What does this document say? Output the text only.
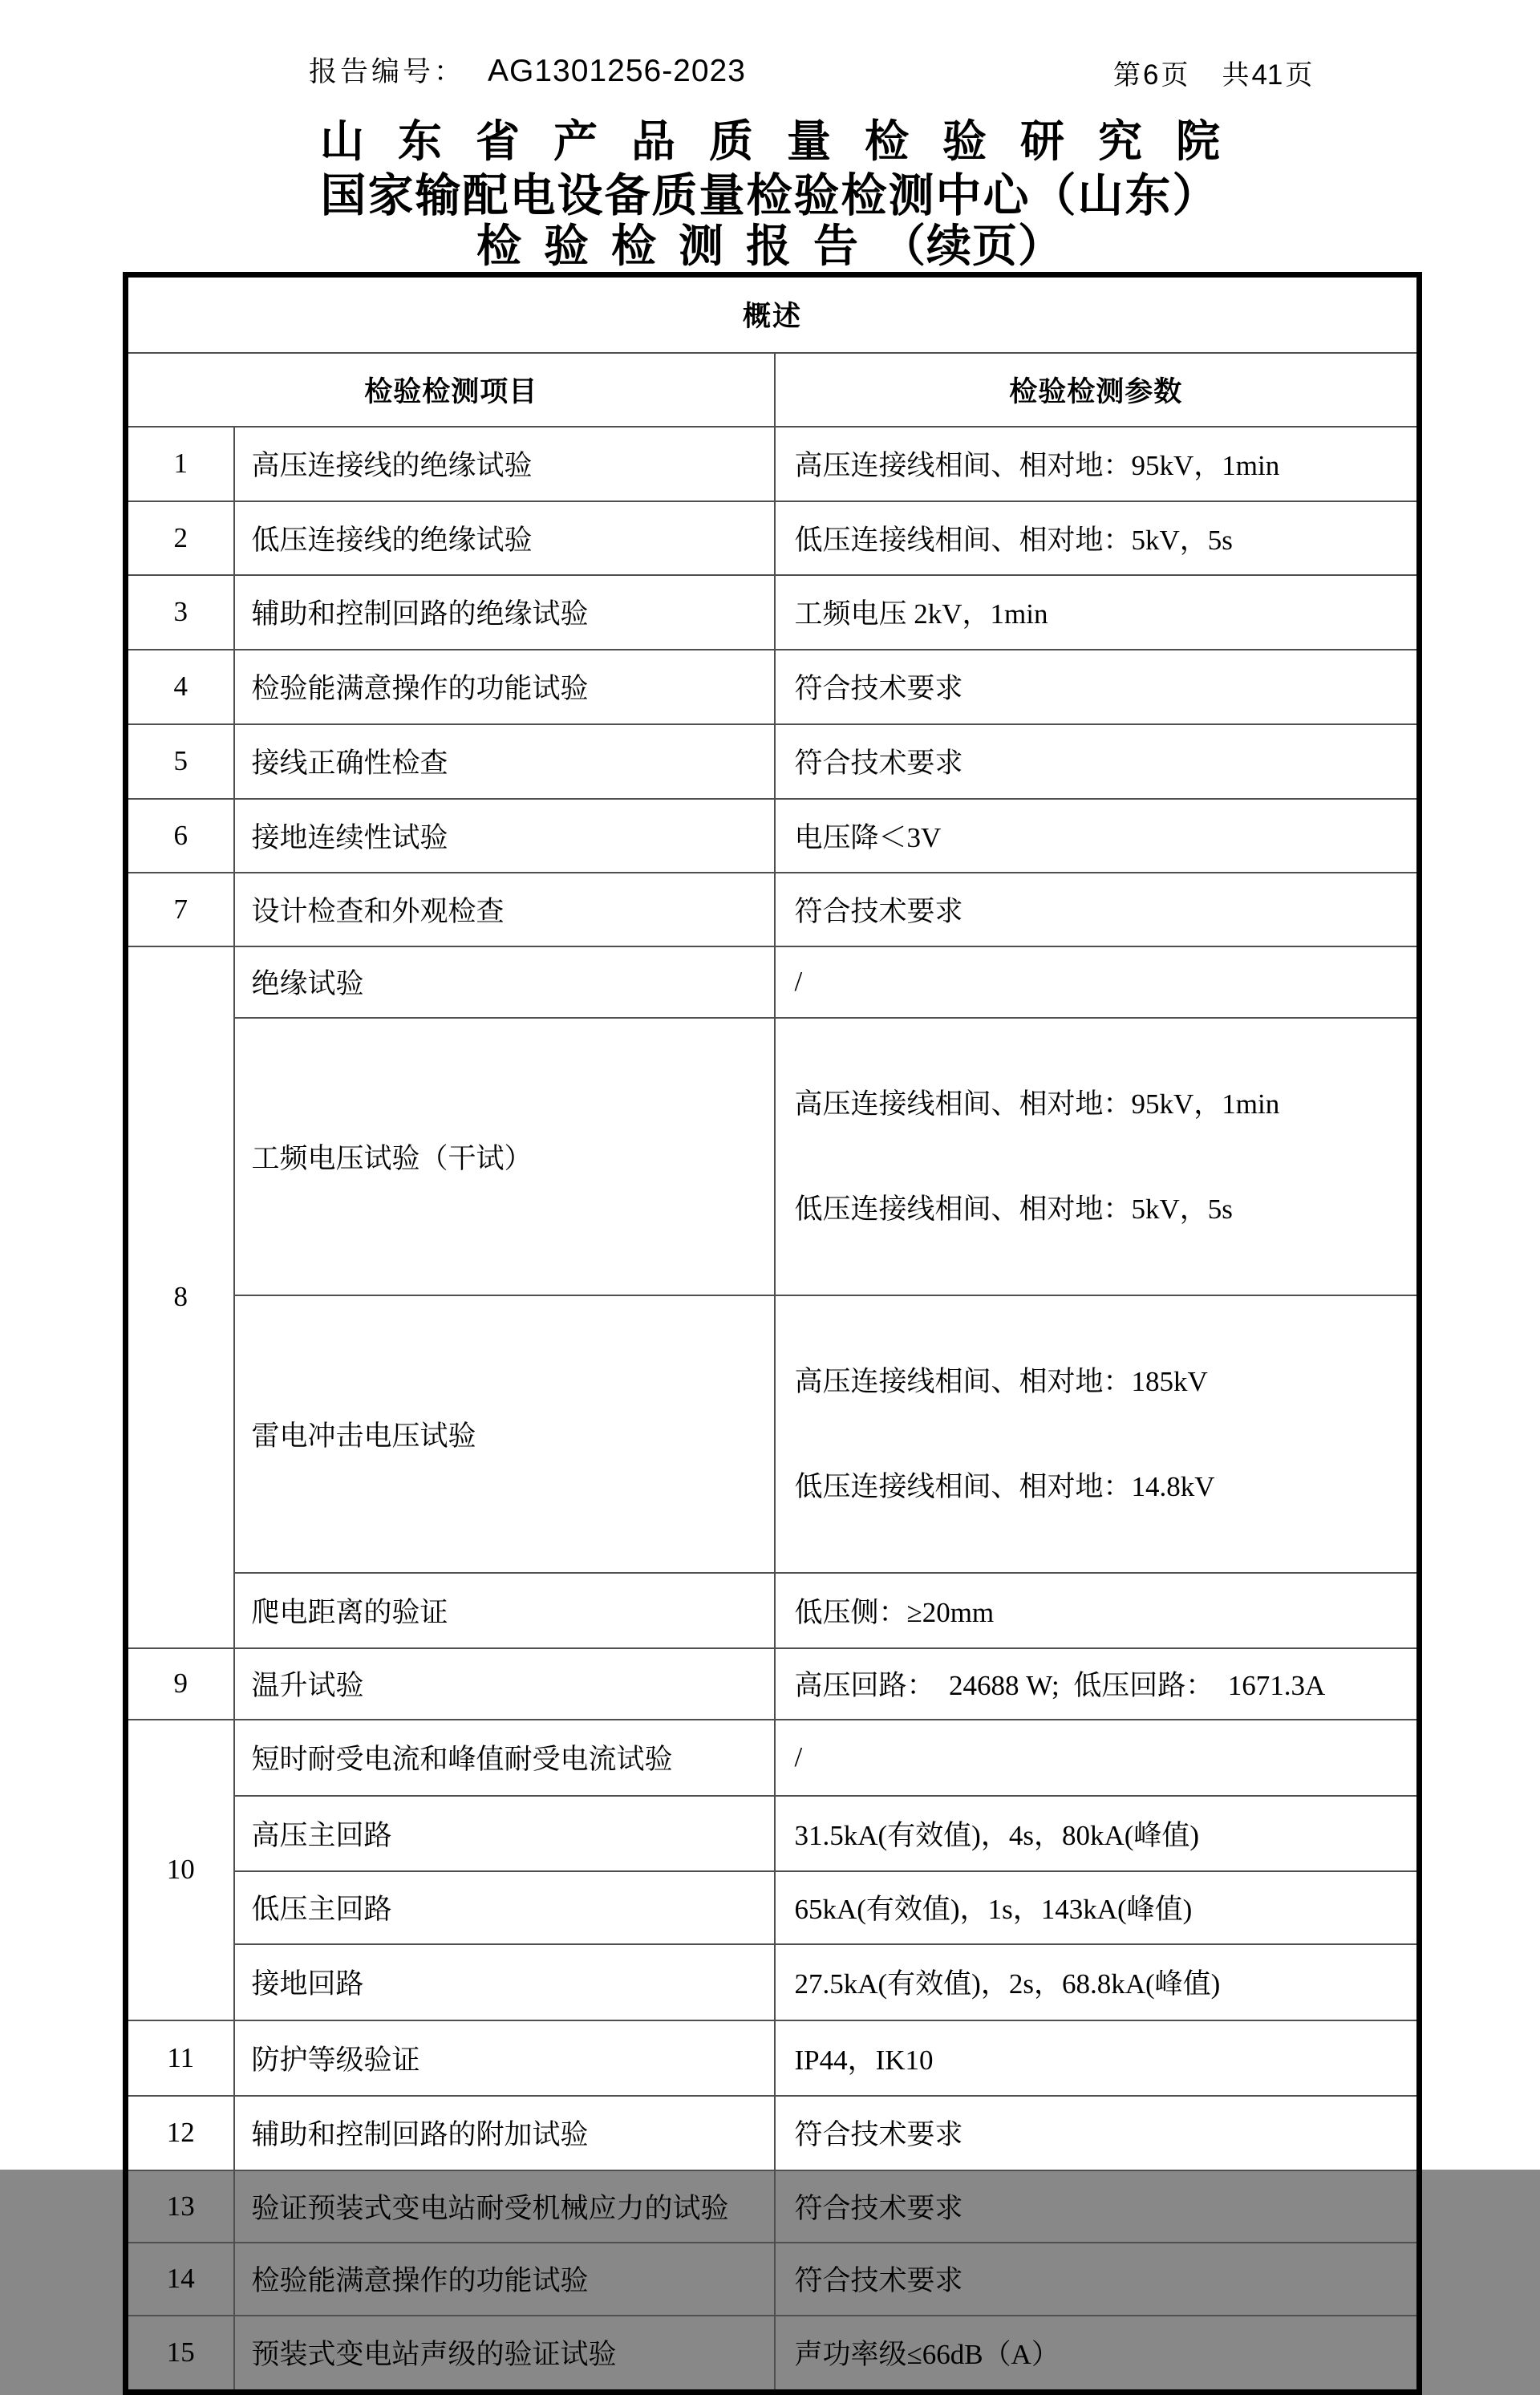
报告编号： AG1301256-2023	第 6 页 共 41 页
山东省产品质量检验研究院
国家输配电设备质量检验检测中心（山东）
检验检测报告 （续页）
概述		
检验检测项目		检验检测参数
1	高压连接线的绝缘试验	高压连接线相间、相对地：95kV，1min
2	低压连接线的绝缘试验	低压连接线相间、相对地：5kV，5s
3	辅助和控制回路的绝缘试验	工频电压 2kV，1min
4	检验能满意操作的功能试验	符合技术要求
5	接线正确性检查	符合技术要求
6	接地连续性试验	电压降＜3V
7	设计检查和外观检查	符合技术要求
8	绝缘试验	/
	工频电压试验（干试）	高压连接线相间、相对地：95kV，1min

低压连接线相间、相对地：5kV，5s

	雷电冲击电压试验	高压连接线相间、相对地：185kV

低压连接线相间、相对地：14.8kV

	爬电距离的验证	低压侧：≥20mm
9	温升试验	高压回路：  24688 W;  低压回路：  1671.3A
10	短时耐受电流和峰值耐受电流试验	/
	高压主回路	31.5kA(有效值)，4s，80kA(峰值)
	低压主回路	65kA(有效值)，1s，143kA(峰值)
	接地回路	27.5kA(有效值)，2s，68.8kA(峰值)
11	防护等级验证	IP44，IK10
12	辅助和控制回路的附加试验	符合技术要求
13	验证预装式变电站耐受机械应力的试验	符合技术要求
14	检验能满意操作的功能试验	符合技术要求
15	预装式变电站声级的验证试验	声功率级≤66dB（A）
